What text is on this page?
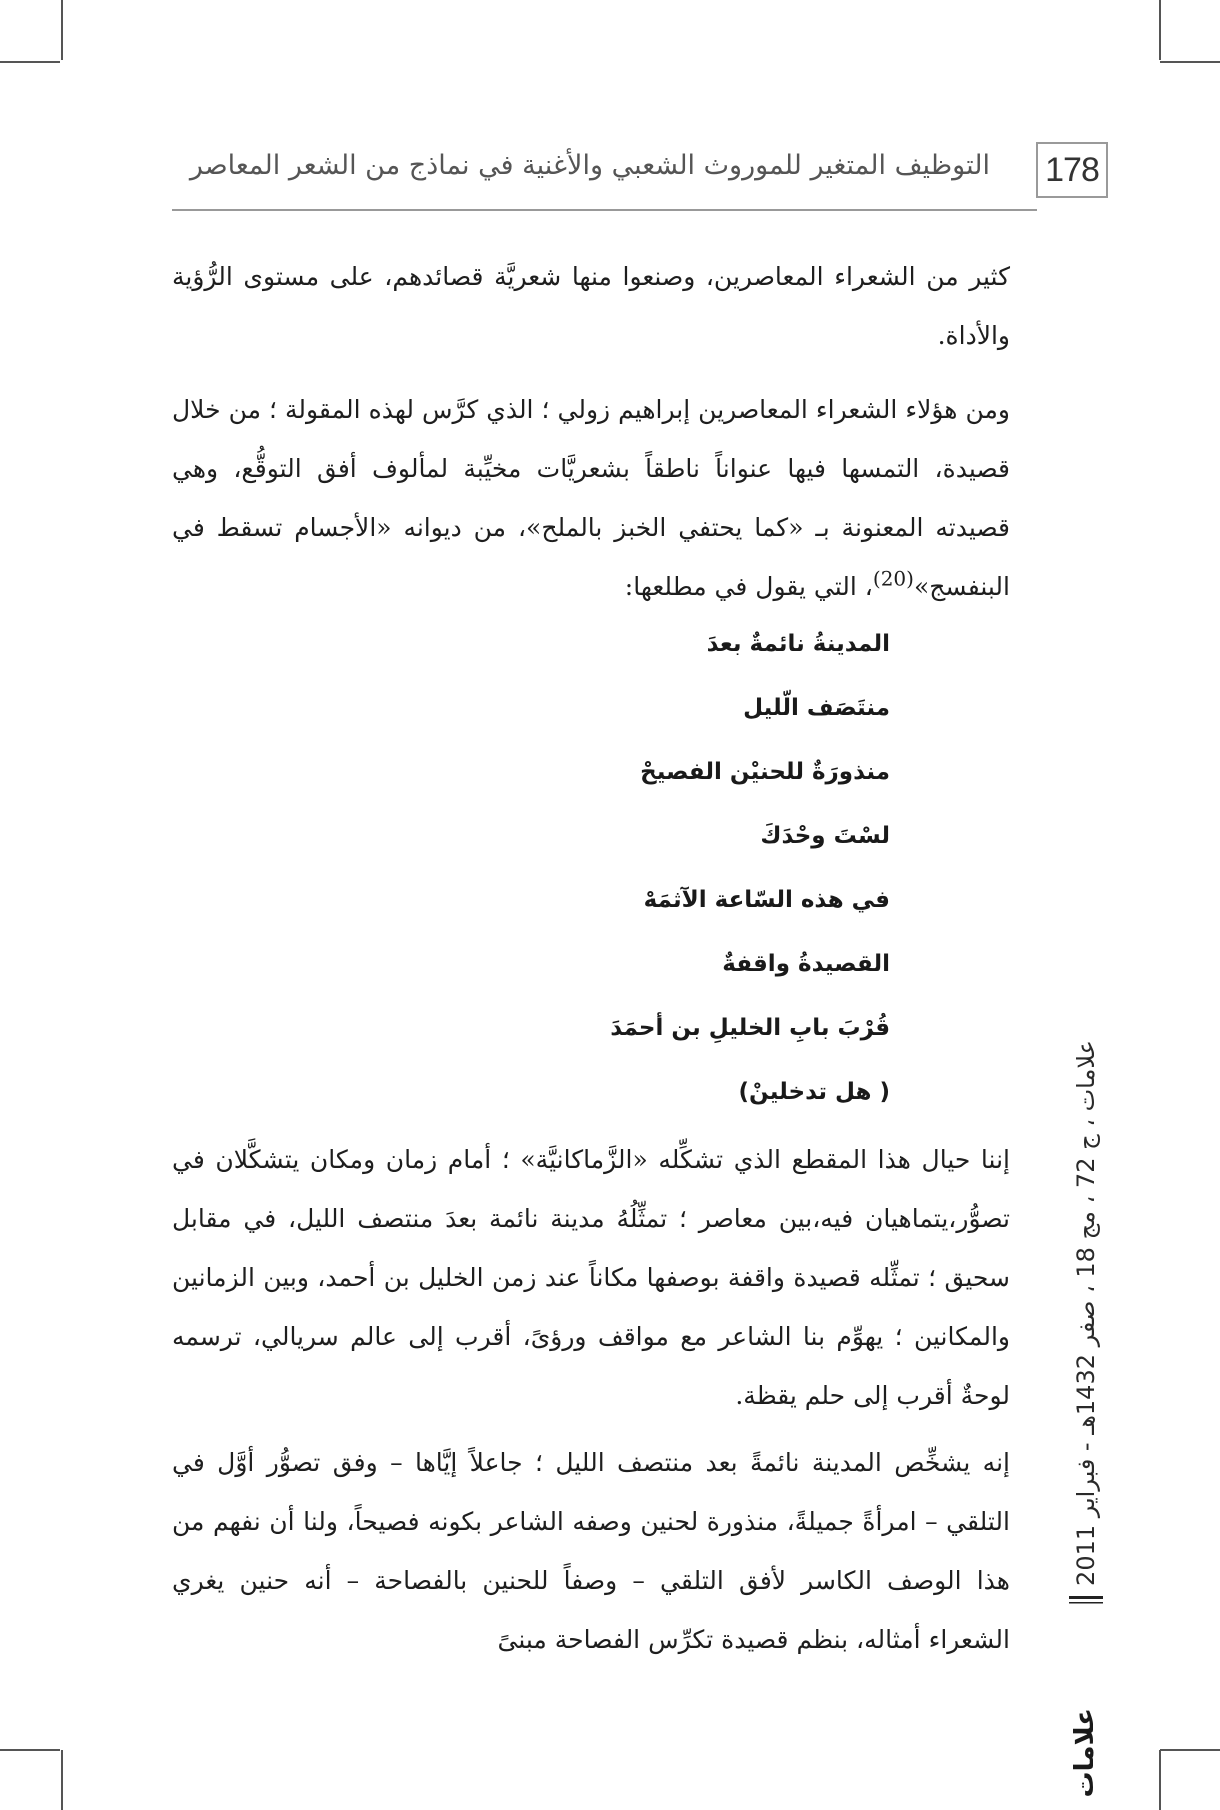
178
التوظيف المتغير للموروث الشعبي والأغنية في نماذج من الشعر المعاصر
كثير من الشعراء المعاصرين، وصنعوا منها شعريَّة قصائدهم، على مستوى الرُّؤية والأداة.
ومن هؤلاء الشعراء المعاصرين إبراهيم زولي ؛ الذي كرَّس لهذه المقولة ؛ من خلال قصيدة، التمسها فيها عنواناً ناطقاً بشعريَّات مخيِّبة لمألوف أفق التوقُّع، وهي قصيدته المعنونة بـ «كما يحتفي الخبز بالملح»، من ديوانه «الأجسام تسقط في البنفسج»$^{(20)}$، التي يقول في مطلعها:
المدينةُ نائمةٌ بعدَ
منتَصَف الّليل
منذورَةٌ للحنيْن الفصيحْ
لسْتَ وحْدَكَ
في هذه السّاعة الآثمَهْ
القصيدةُ واقفةٌ
قُرْبَ بابِ الخليلِ بن أحمَدَ
( هل تدخلينْ)
إننا حيال هذا المقطع الذي تشكِّله «الزَّماكانيَّة» ؛ أمام زمان ومكان يتشكَّلان في تصوُّر،يتماهيان فيه،بين معاصر ؛ تمثِّلُهُ مدينة نائمة بعدَ منتصف الليل، في مقابل سحيق ؛ تمثِّله قصيدة واقفة بوصفها مكاناً عند زمن الخليل بن أحمد، وبين الزمانين والمكانين ؛ يهوِّم بنا الشاعر مع مواقف ورؤىً، أقرب إلى عالم سريالي، ترسمه لوحةٌ أقرب إلى حلم يقظة.
إنه يشخِّص المدينة نائمةً بعد منتصف الليل ؛ جاعلاً إيَّاها – وفق تصوُّر أوَّل في التلقي – امرأةً جميلةً، منذورة لحنين وصفه الشاعر بكونه فصيحاً، ولنا أن نفهم من هذا الوصف الكاسر لأفق التلقي – وصفاً للحنين بالفصاحة – أنه حنين يغري الشعراء أمثاله، بنظم قصيدة تكرِّس الفصاحة مبنىً
علامات ، ج 72 ، مج 18 ، صفر 1432هـ - فبراير 2011
علامات
